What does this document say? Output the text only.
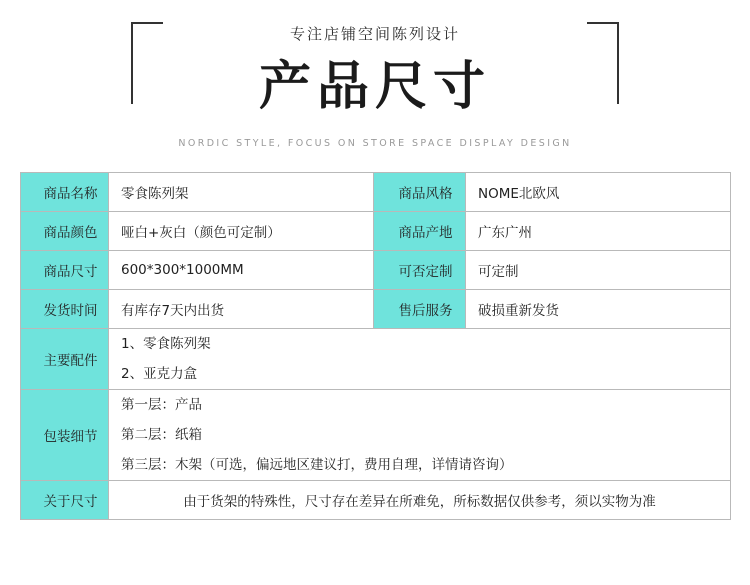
专注店铺空间陈列设计
产品尺寸
NORDIC STYLE, FOCUS ON STORE SPACE DISPLAY DESIGN
商品名称	零食陈列架	商品风格	NOME北欧风
商品颜色	哑白+灰白（颜色可定制）	商品产地	广东广州
商品尺寸	600*300*1000MM	可否定制	可定制
发货时间	有库存7天内出货	售后服务	破损重新发货
主要配件	1、零食陈列架
2、亚克力盒		

包装细节	第一层：产品
第二层：纸箱
第三层：木架（可选，偏远地区建议打，费用自理，详情请咨询）		

关于尺寸	由于货架的特殊性，尺寸存在差异在所难免，所标数据仅供参考，须以实物为准		
